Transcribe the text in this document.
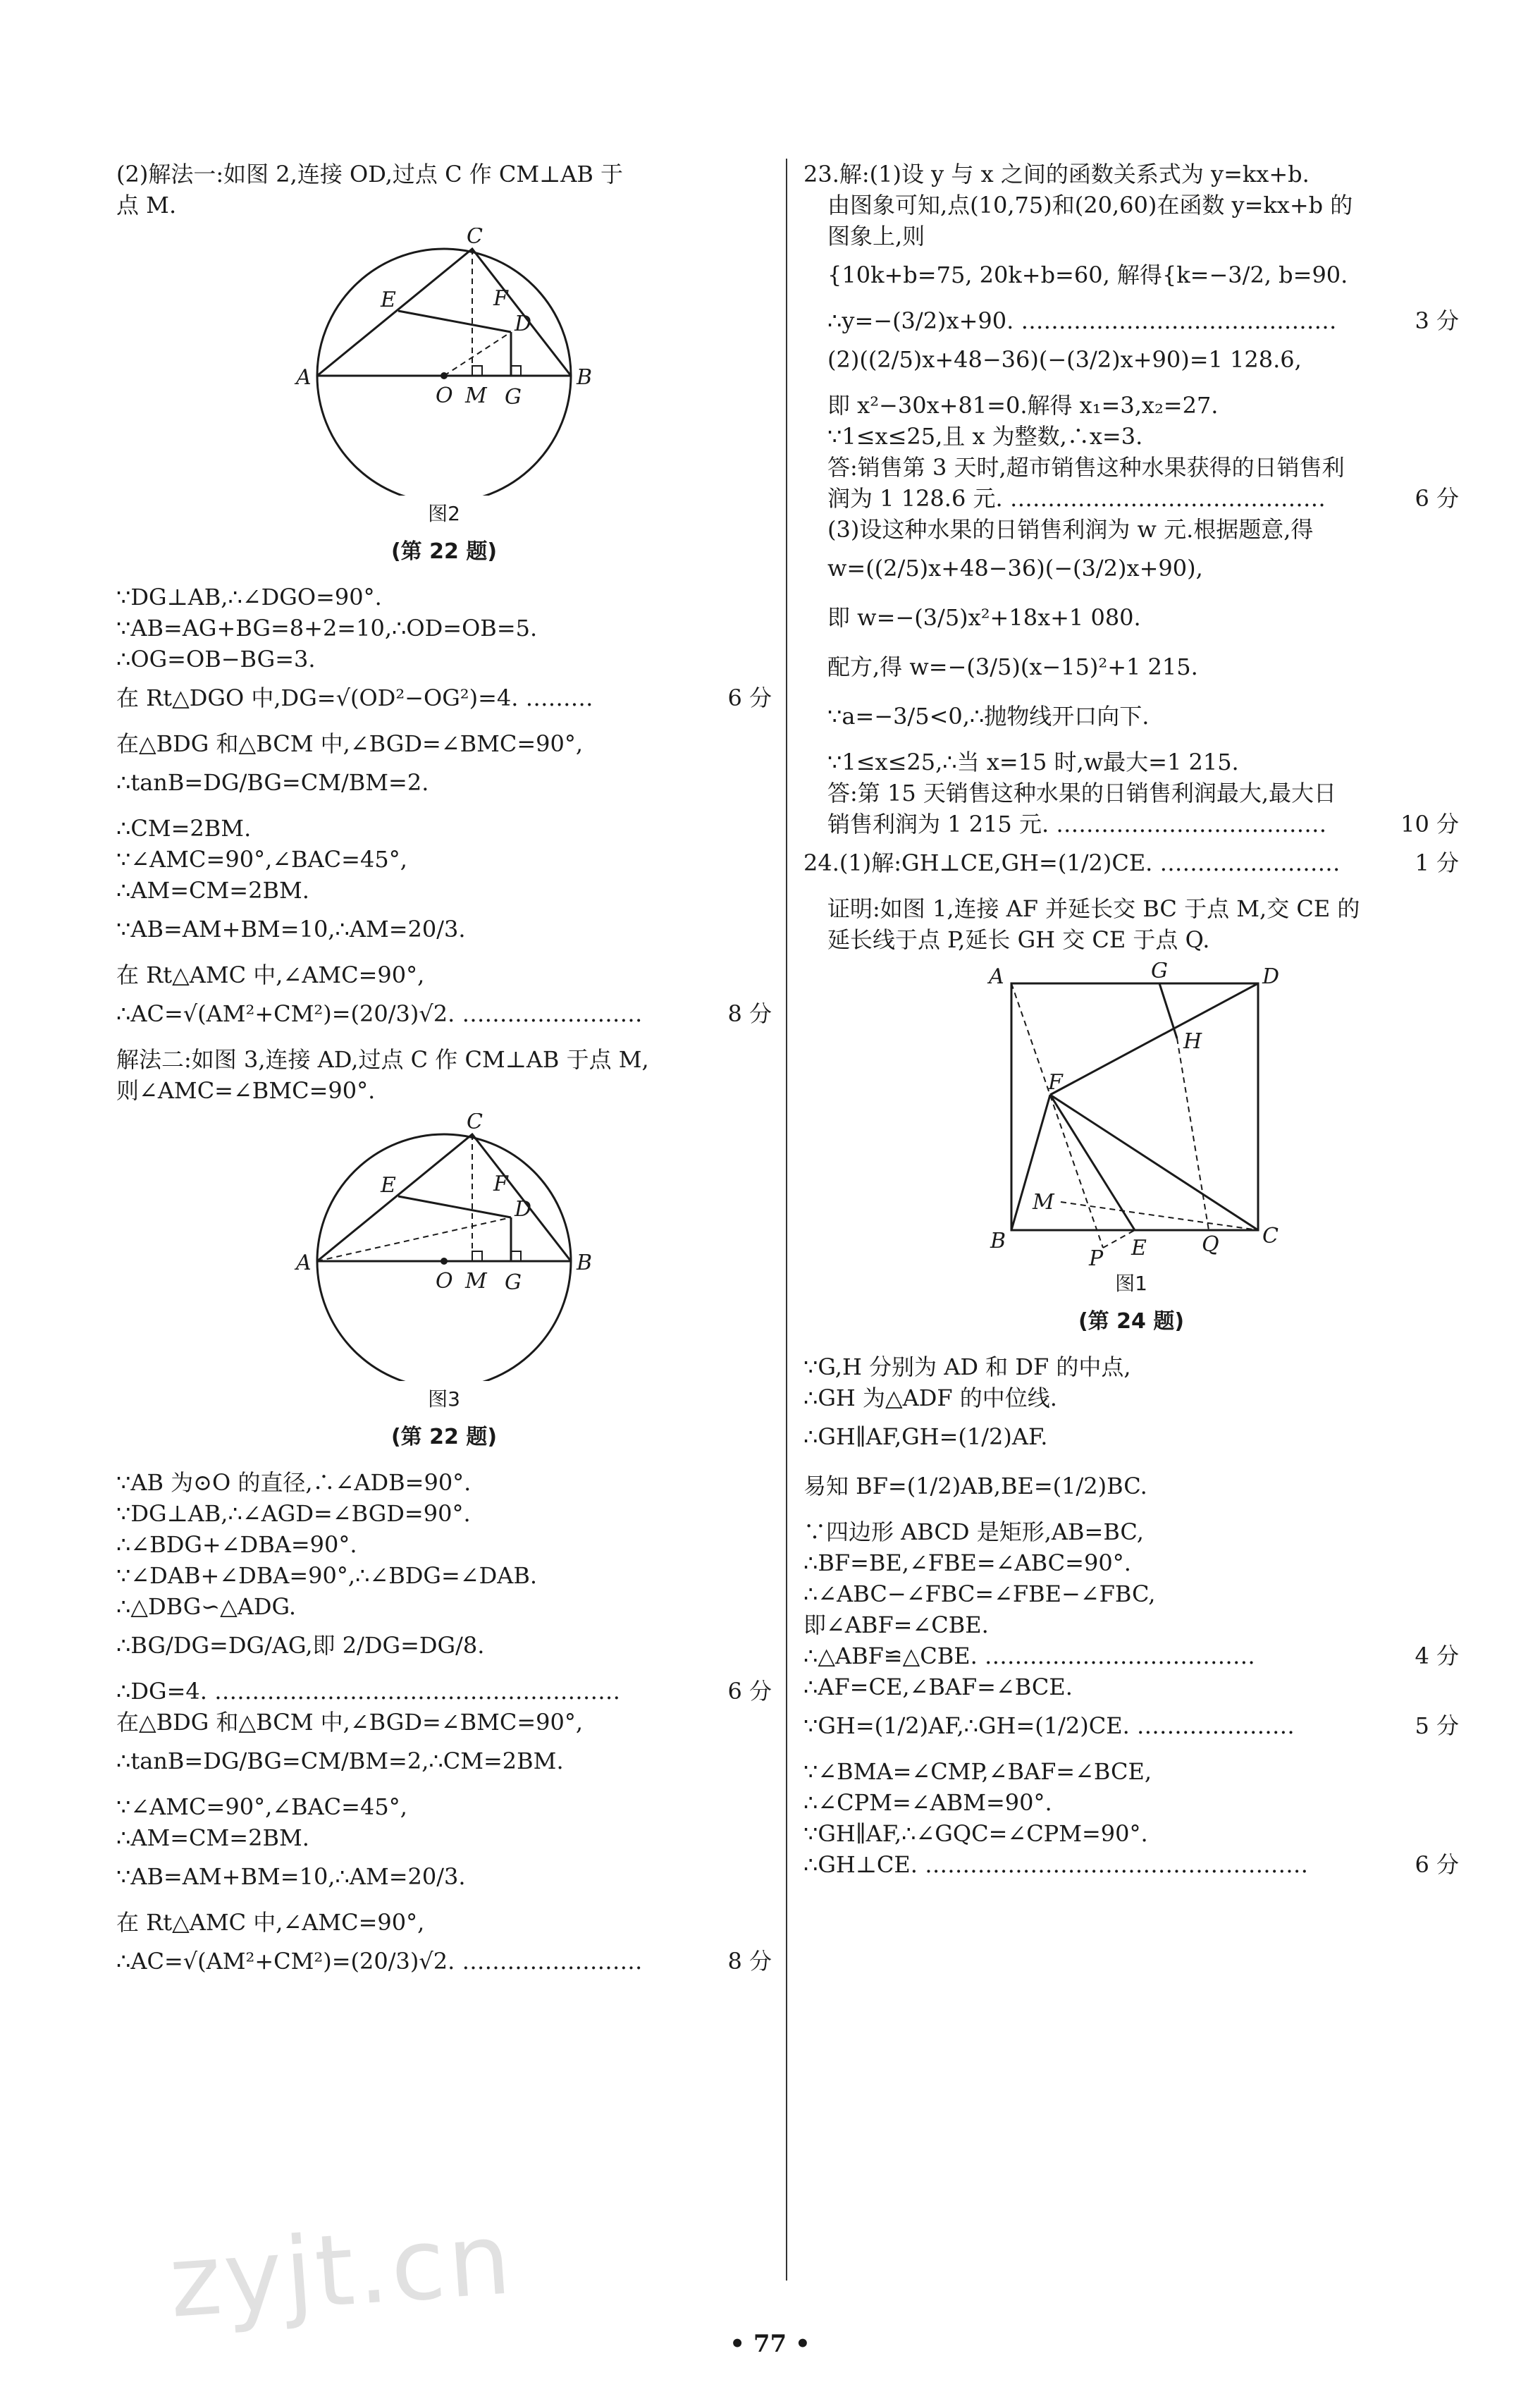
(2)解法一:如图 2,连接 OD,过点 C 作 CM⊥AB 于

点 M.

C
E	F
D
A
O M G
B

图2

(第 22 题)

∵DG⊥AB,∴∠DGO=90°.

∵AB=AG+BG=8+2=10,∴OD=OB=5.

∴OG=OB−BG=3.

在 Rt△DGO 中,DG=√(OD²−OG²)=4. ………	6 分

在△BDG 和△BCM 中,∠BGD=∠BMC=90°,

∴tanB=DG/BG=CM/BM=2.

∴CM=2BM.

∵∠AMC=90°,∠BAC=45°,

∴AM=CM=2BM.

∵AB=AM+BM=10,∴AM=20/3.

在 Rt△AMC 中,∠AMC=90°,

∴AC=√(AM²+CM²)=(20/3)√2. ……………………	8 分

解法二:如图 3,连接 AD,过点 C 作 CM⊥AB 于点 M,

则∠AMC=∠BMC=90°.

C
E	F
D
A
O M G
B

图3

(第 22 题)

∵AB 为⊙O 的直径,∴∠ADB=90°.

∵DG⊥AB,∴∠AGD=∠BGD=90°.

∴∠BDG+∠DBA=90°.

∵∠DAB+∠DBA=90°,∴∠BDG=∠DAB.

∴△DBG∽△ADG.

∴BG/DG=DG/AG,即 2/DG=DG/8.

∴DG=4. ………………………………………………	6 分

在△BDG 和△BCM 中,∠BGD=∠BMC=90°,

∴tanB=DG/BG=CM/BM=2,∴CM=2BM.

∵∠AMC=90°,∠BAC=45°,

∴AM=CM=2BM.

∵AB=AM+BM=10,∴AM=20/3.

在 Rt△AMC 中,∠AMC=90°,

∴AC=√(AM²+CM²)=(20/3)√2. ……………………	8 分

23.解:(1)设 y 与 x 之间的函数关系式为 y=kx+b.

由图象可知,点(10,75)和(20,60)在函数 y=kx+b 的

图象上,则

{10k+b=75, 20k+b=60, 解得{k=−3/2, b=90.

∴y=−(3/2)x+90. ……………………………………	3 分

(2)((2/5)x+48−36)(−(3/2)x+90)=1 128.6,

即 x²−30x+81=0.解得 x₁=3,x₂=27.

∵1≤x≤25,且 x 为整数,∴x=3.

答:销售第 3 天时,超市销售这种水果获得的日销售利

润为 1 128.6 元. ……………………………………	6 分

(3)设这种水果的日销售利润为 w 元.根据题意,得

w=((2/5)x+48−36)(−(3/2)x+90),

即 w=−(3/5)x²+18x+1 080.

配方,得 w=−(3/5)(x−15)²+1 215.

∵a=−3/5<0,∴抛物线开口向下.

∵1≤x≤25,∴当 x=15 时,w最大=1 215.

答:第 15 天销售这种水果的日销售利润最大,最大日

销售利润为 1 215 元. ………………………………	10 分

24.(1)解:GH⊥CE,GH=(1/2)CE. ……………………	1 分

证明:如图 1,连接 AF 并延长交 BC 于点 M,交 CE 的

延长线于点 P,延长 GH 交 CE 于点 Q.

A	G	D
H
F
M
B
P E	Q C

图1

(第 24 题)

∵G,H 分别为 AD 和 DF 的中点,

∴GH 为△ADF 的中位线.

∴GH∥AF,GH=(1/2)AF.

易知 BF=(1/2)AB,BE=(1/2)BC.

∵四边形 ABCD 是矩形,AB=BC,

∴BF=BE,∠FBE=∠ABC=90°.

∴∠ABC−∠FBC=∠FBE−∠FBC,

即∠ABF=∠CBE.

∴△ABF≌△CBE. ………………………………	4 分

∴AF=CE,∠BAF=∠BCE.

∵GH=(1/2)AF,∴GH=(1/2)CE. …………………	5 分

∵∠BMA=∠CMP,∠BAF=∠BCE,

∴∠CPM=∠ABM=90°.

∵GH∥AF,∴∠GQC=∠CPM=90°.

∴GH⊥CE. ……………………………………………	6 分

zyjt.cn
• 77 •
